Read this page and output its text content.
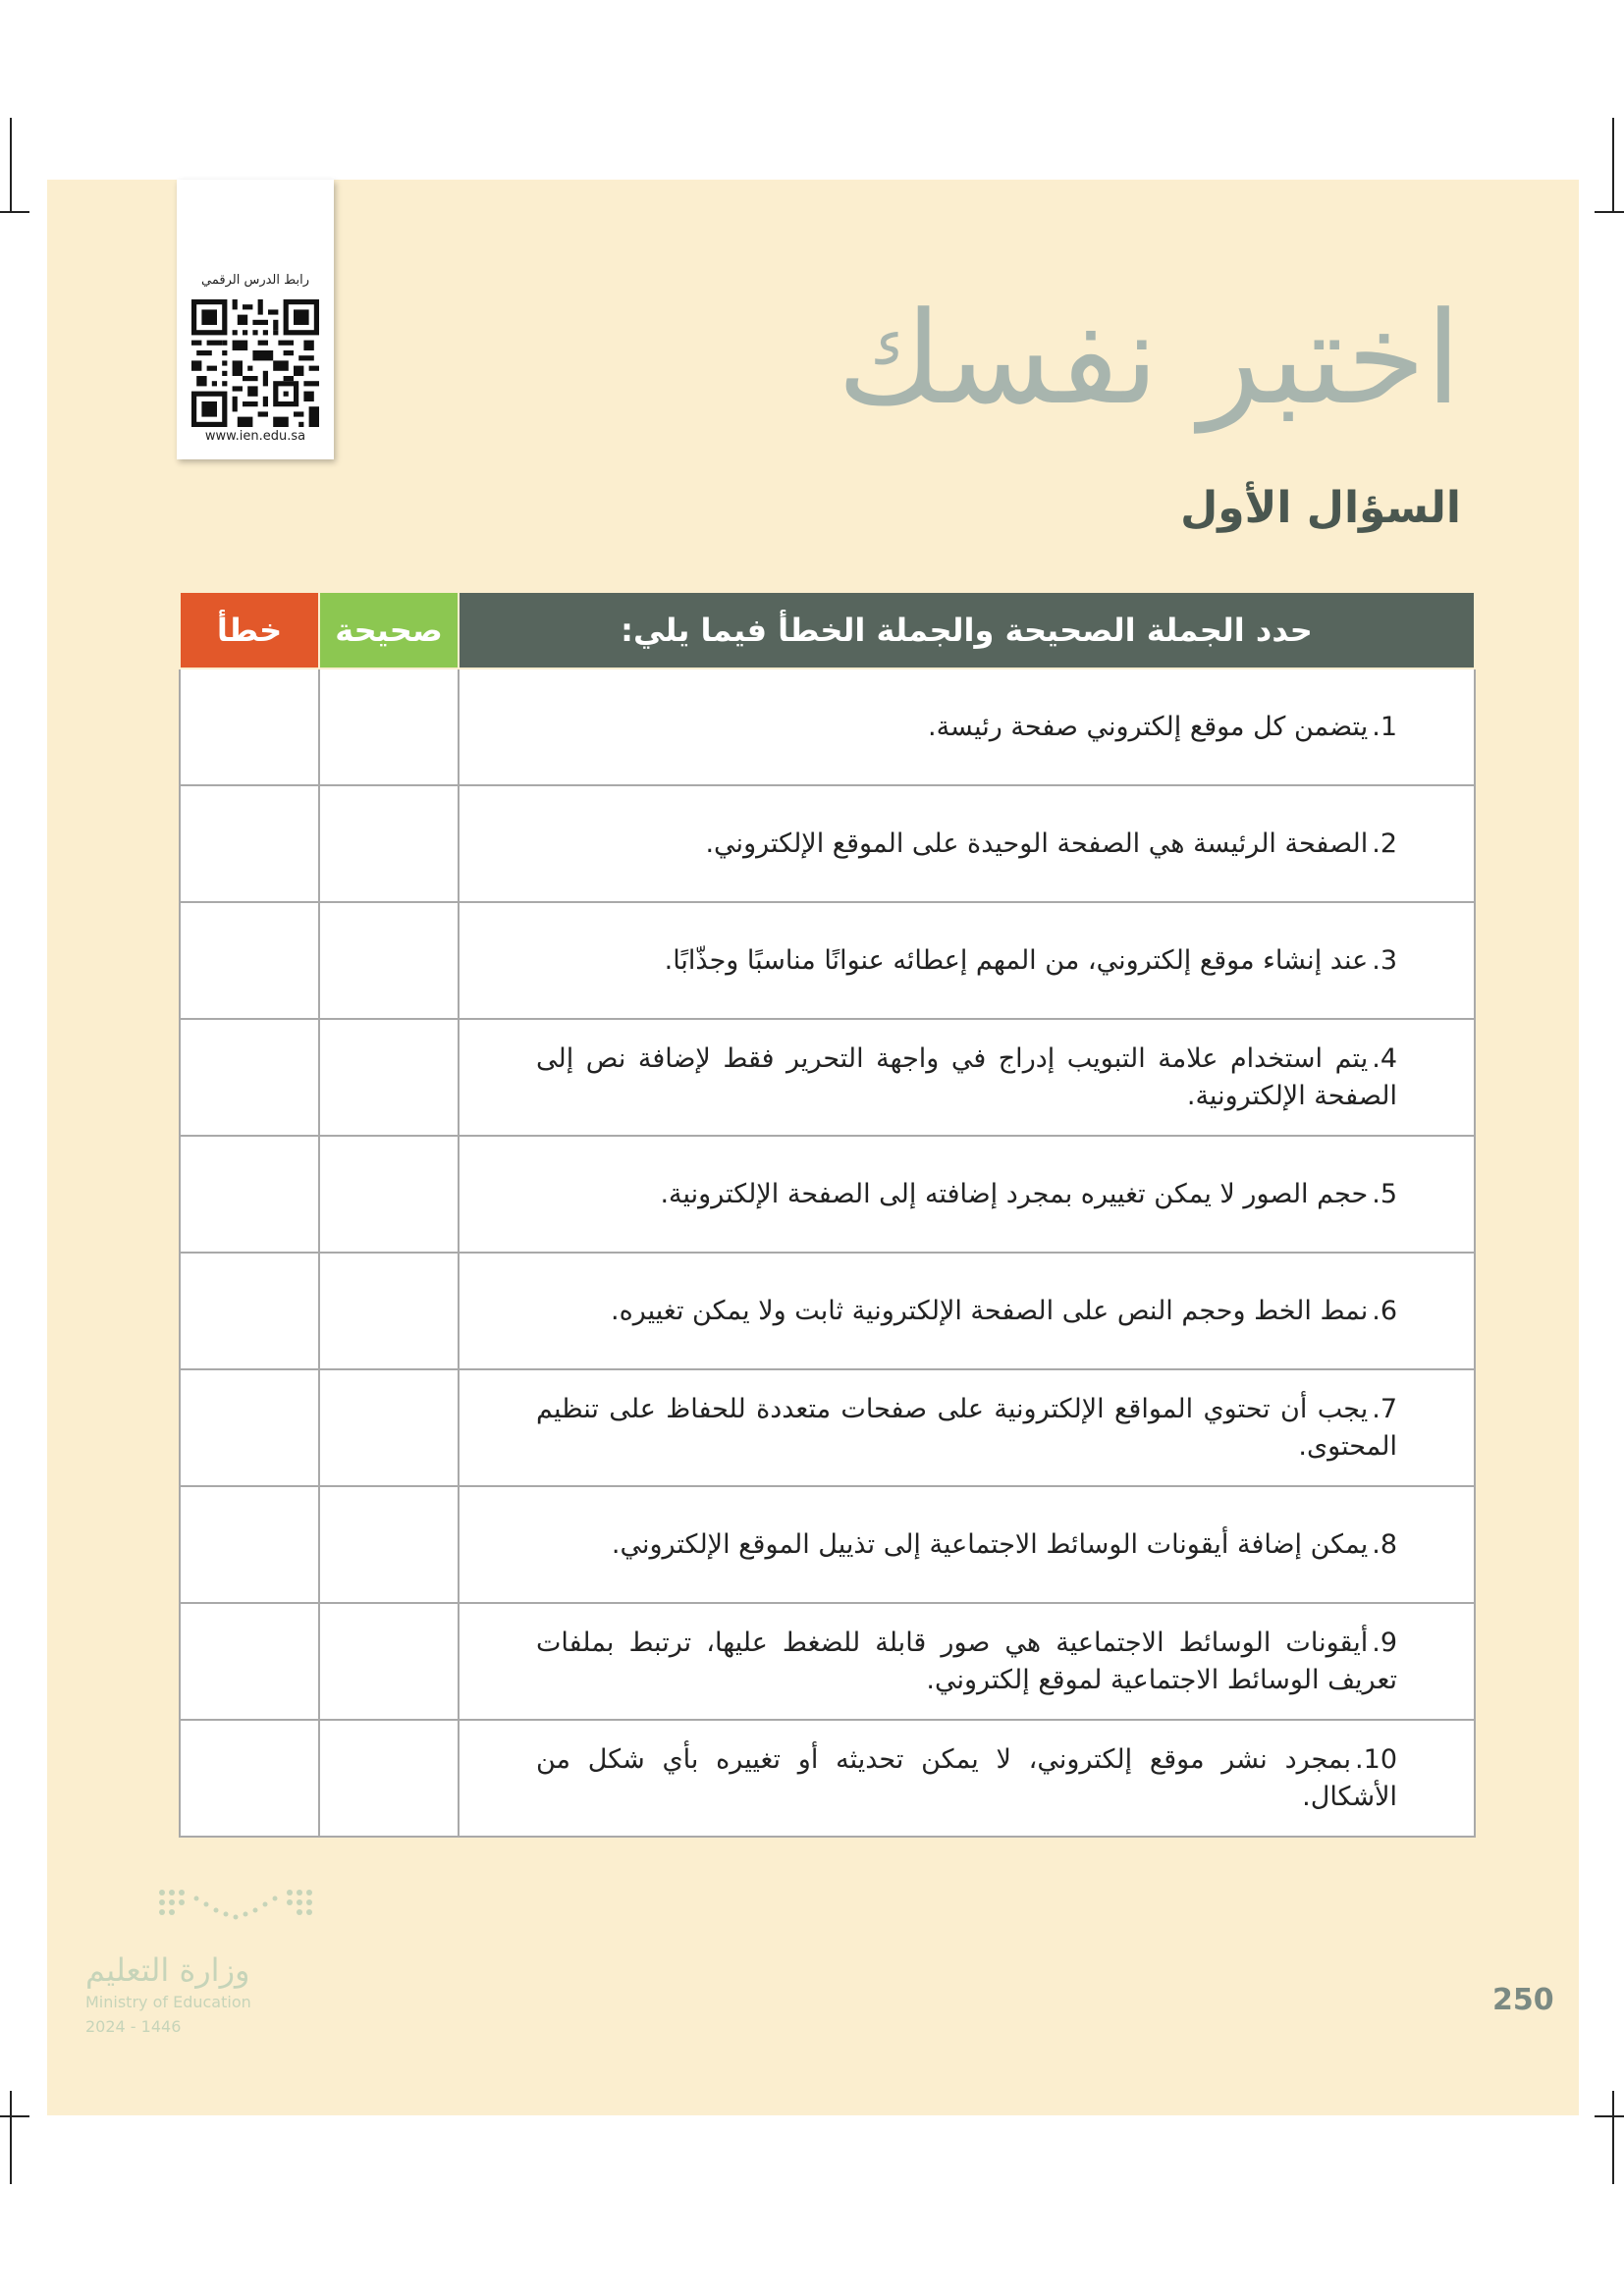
رابط الدرس الرقمي
www.ien.edu.sa
اختبر نفسك
السؤال الأول
حدد الجملة الصحيحة والجملة الخطأ فيما يلي:	صحيحة	خطأ
1.يتضمن كل موقع إلكتروني صفحة رئيسة.		
2.الصفحة الرئيسة هي الصفحة الوحيدة على الموقع الإلكتروني.		
3.عند إنشاء موقع إلكتروني، من المهم إعطائه عنوانًا مناسبًا وجذّابًا.		
4.يتم استخدام علامة التبويب إدراج في واجهة التحرير فقط لإضافة نص إلى الصفحة الإلكترونية.		
5.حجم الصور لا يمكن تغييره بمجرد إضافته إلى الصفحة الإلكترونية.		
6.نمط الخط وحجم النص على الصفحة الإلكترونية ثابت ولا يمكن تغييره.		
7.يجب أن تحتوي المواقع الإلكترونية على صفحات متعددة للحفاظ على تنظيم المحتوى.		
8.يمكن إضافة أيقونات الوسائط الاجتماعية إلى تذييل الموقع الإلكتروني.		
9.أيقونات الوسائط الاجتماعية هي صور قابلة للضغط عليها، ترتبط بملفات تعريف الوسائط الاجتماعية لموقع إلكتروني.		
10.بمجرد نشر موقع إلكتروني، لا يمكن تحديثه أو تغييره بأي شكل من الأشكال.		
وزارة التعليم
Ministry of Education
2024 - 1446
250
